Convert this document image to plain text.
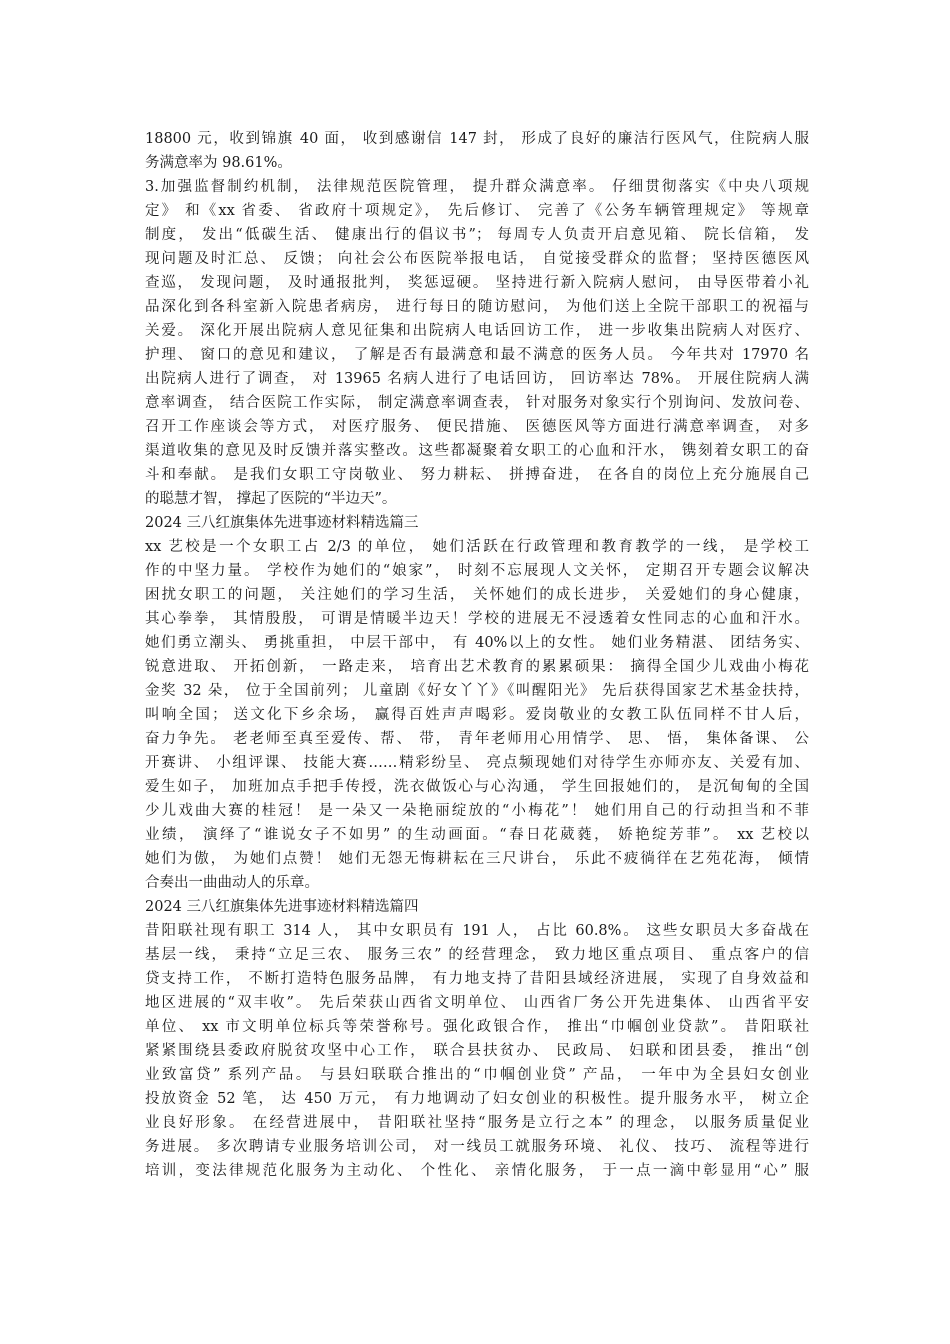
18800 元，收到锦旗 40 面， 收到感谢信 147 封， 形成了良好的廉洁行医风气，住院病人服
务满意率为 98.61%。
3.加强监督制约机制， 法律规范医院管理， 提升群众满意率。 仔细贯彻落实《中央八项规
定》 和《xx 省委、 省政府十项规定》， 先后修订、 完善了《公务车辆管理规定》 等规章
制度， 发出“低碳生活、 健康出行的倡议书”； 每周专人负责开启意见箱、 院长信箱， 发
现问题及时汇总、 反馈； 向社会公布医院举报电话， 自觉接受群众的监督； 坚持医德医风
查巡， 发现问题， 及时通报批判， 奖惩逗硬。 坚持进行新入院病人慰问， 由导医带着小礼
品深化到各科室新入院患者病房， 进行每日的随访慰问， 为他们送上全院干部职工的祝福与
关爱。 深化开展出院病人意见征集和出院病人电话回访工作， 进一步收集出院病人对医疗、
护理、 窗口的意见和建议， 了解是否有最满意和最不满意的医务人员。 今年共对 17970 名
出院病人进行了调查， 对 13965 名病人进行了电话回访， 回访率达 78%。 开展住院病人满
意率调查， 结合医院工作实际， 制定满意率调查表， 针对服务对象实行个别询问、发放问卷、
召开工作座谈会等方式， 对医疗服务、 便民措施、 医德医风等方面进行满意率调查， 对多
渠道收集的意见及时反馈并落实整改。这些都凝聚着女职工的心血和汗水， 镌刻着女职工的奋
斗和奉献。 是我们女职工守岗敬业、 努力耕耘、 拼搏奋进， 在各自的岗位上充分施展自己
的聪慧才智， 撑起了医院的“半边天”。
2024 三八红旗集体先进事迹材料精选篇三
xx 艺校是一个女职工占 2/3 的单位， 她们活跃在行政管理和教育教学的一线， 是学校工
作的中坚力量。 学校作为她们的“娘家”， 时刻不忘展现人文关怀， 定期召开专题会议解决
困扰女职工的问题， 关注她们的学习生活， 关怀她们的成长进步， 关爱她们的身心健康，
其心拳拳， 其情殷殷， 可谓是情暖半边天！学校的进展无不浸透着女性同志的心血和汗水。
她们勇立潮头、 勇挑重担， 中层干部中， 有 40%以上的女性。 她们业务精湛、 团结务实、
锐意进取、 开拓创新， 一路走来， 培育出艺术教育的累累硕果： 摘得全国少儿戏曲小梅花
金奖 32 朵， 位于全国前列； 儿童剧《好女丫丫》《叫醒阳光》 先后获得国家艺术基金扶持，
叫响全国； 送文化下乡余场， 赢得百姓声声喝彩。爱岗敬业的女教工队伍同样不甘人后，
奋力争先。 老老师至真至爱传、帮、 带， 青年老师用心用情学、 思、 悟， 集体备课、 公
开赛讲、 小组评课、 技能大赛……精彩纷呈、 亮点频现她们对待学生亦师亦友、关爱有加、
爱生如子， 加班加点手把手传授，洗衣做饭心与心沟通， 学生回报她们的， 是沉甸甸的全国
少儿戏曲大赛的桂冠！ 是一朵又一朵艳丽绽放的“小梅花”！ 她们用自己的行动担当和不菲
业绩， 演绎了“谁说女子不如男” 的生动画面。“春日花葳蕤， 娇艳绽芳菲”。 xx 艺校以
她们为傲， 为她们点赞！ 她们无怨无悔耕耘在三尺讲台， 乐此不疲徜徉在艺苑花海， 倾情
合奏出一曲曲动人的乐章。
2024 三八红旗集体先进事迹材料精选篇四
昔阳联社现有职工 314 人， 其中女职员有 191 人， 占比 60.8%。 这些女职员大多奋战在
基层一线， 秉持“立足三农、 服务三农” 的经营理念， 致力地区重点项目、 重点客户的信
贷支持工作， 不断打造特色服务品牌， 有力地支持了昔阳县域经济进展， 实现了自身效益和
地区进展的“双丰收”。 先后荣获山西省文明单位、 山西省厂务公开先进集体、 山西省平安
单位、 xx 市文明单位标兵等荣誉称号。强化政银合作， 推出“巾帼创业贷款”。 昔阳联社
紧紧围绕县委政府脱贫攻坚中心工作， 联合县扶贫办、 民政局、 妇联和团县委， 推出“创
业致富贷” 系列产品。 与县妇联联合推出的“巾帼创业贷” 产品， 一年中为全县妇女创业
投放资金 52 笔， 达 450 万元， 有力地调动了妇女创业的积极性。提升服务水平， 树立企
业良好形象。 在经营进展中， 昔阳联社坚持“服务是立行之本” 的理念， 以服务质量促业
务进展。 多次聘请专业服务培训公司， 对一线员工就服务环境、 礼仪、 技巧、 流程等进行
培训，变法律规范化服务为主动化、 个性化、 亲情化服务， 于一点一滴中彰显用“心” 服
